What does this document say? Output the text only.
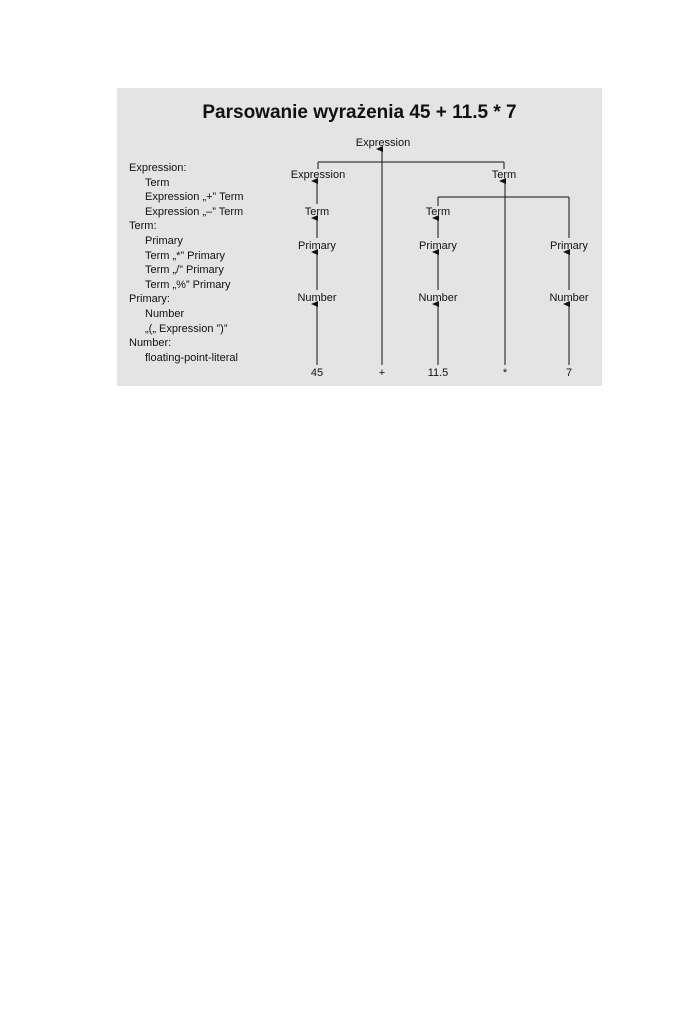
Parsowanie wyrażenia 45 + 11.5 * 7
Expression:
Term
Expression „+” Term
Expression „–” Term
Term:
Primary
Term „*” Primary
Term „/” Primary
Term „%” Primary
Primary:
Number
„(„ Expression ”)”
Number:
floating-point-literal
Expression
Expression	Term
Term	Term
Primary	Primary	Primary
Number	Number	Number
45	+	11.5	*	7
